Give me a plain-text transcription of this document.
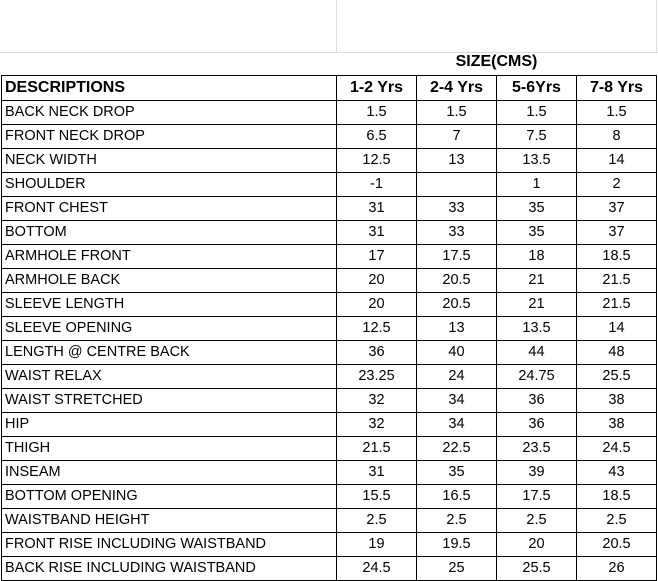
SIZE(CMS)
DESCRIPTIONS	1-2 Yrs	2-4 Yrs	5-6Yrs	7-8 Yrs
BACK NECK DROP	1.5	1.5	1.5	1.5
FRONT NECK DROP	6.5	7	7.5	8
NECK WIDTH	12.5	13	13.5	14
SHOULDER	-1		1	2
FRONT CHEST	31	33	35	37
BOTTOM	31	33	35	37
ARMHOLE FRONT	17	17.5	18	18.5
ARMHOLE BACK	20	20.5	21	21.5
SLEEVE LENGTH	20	20.5	21	21.5
SLEEVE OPENING	12.5	13	13.5	14
LENGTH @ CENTRE BACK	36	40	44	48
WAIST RELAX	23.25	24	24.75	25.5
WAIST STRETCHED	32	34	36	38
HIP	32	34	36	38
THIGH	21.5	22.5	23.5	24.5
INSEAM	31	35	39	43
BOTTOM OPENING	15.5	16.5	17.5	18.5
WAISTBAND HEIGHT	2.5	2.5	2.5	2.5
FRONT RISE INCLUDING WAISTBAND	19	19.5	20	20.5
BACK RISE INCLUDING WAISTBAND	24.5	25	25.5	26
